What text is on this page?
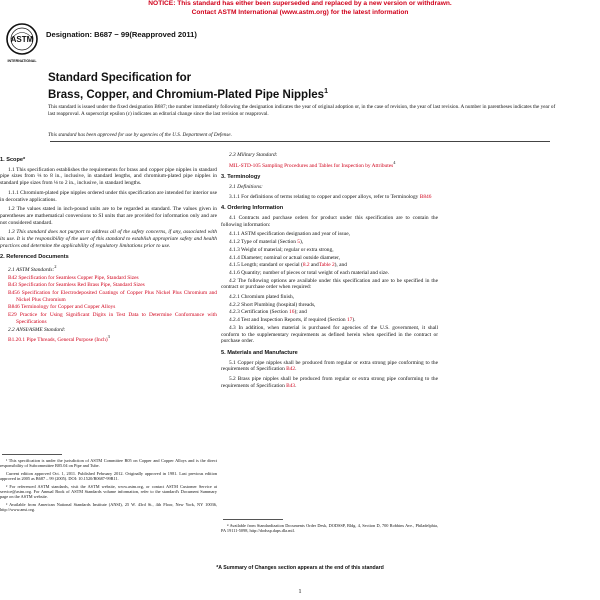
NOTICE: This standard has either been superseded and replaced by a new version or withdrawn.
Contact ASTM International (www.astm.org) for the latest information
ASTM
INTERNATIONAL
Designation: B687 − 99(Reapproved 2011)
Standard Specification for
Brass, Copper, and Chromium-Plated Pipe Nipples$^1$
This standard is issued under the fixed designation B687; the number immediately following the designation indicates the year of original adoption or, in the case of revision, the year of last revision. A number in parentheses indicates the year of last reapproval. A superscript epsilon (ε) indicates an editorial change since the last revision or reapproval.
This standard has been approved for use by agencies of the U.S. Department of Defense.
1. Scope*

1.1 This specification establishes the requirements for brass and copper pipe nipples in standard pipe sizes from ⅛ to 8 in., inclusive, in standard lengths, and chromium-plated pipe nipples in standard pipe sizes from ⅛ to 2 in., inclusive, in standard lengths.

1.1.1 Chromium-plated pipe nipples ordered under this specification are intended for interior use in decorative applications.

1.2 The values stated in inch-pound units are to be regarded as standard. The values given in parentheses are mathematical conversions to SI units that are provided for information only and are not considered standard.

1.3 This standard does not purport to address all of the safety concerns, if any, associated with its use. It is the responsibility of the user of this standard to establish appropriate safety and health practices and determine the applicability of regulatory limitations prior to use.

2. Referenced Documents

2.1 ASTM Standards:$^2$

B42 Specification for Seamless Copper Pipe, Standard Sizes

B43 Specification for Seamless Red Brass Pipe, Standard Sizes

B456 Specification for Electrodeposited Coatings of Copper Plus Nickel Plus Chromium and Nickel Plus Chromium

B846 Terminology for Copper and Copper Alloys

E29 Practice for Using Significant Digits in Test Data to Determine Conformance with Specifications

2.2 ANSI/ASME Standard:

B1.20.1 Pipe Threads, General Purpose (Inch)$^3$

¹ This specification is under the jurisdiction of ASTM Committee B05 on Copper and Copper Alloys and is the direct responsibility of Subcommittee B05.04 on Pipe and Tube.

Current edition approved Oct. 1, 2011. Published February 2012. Originally approved in 1981. Last previous edition approved in 2005 as B687 – 99 (2005). DOI: 10.1520/B0687-99R11.

² For referenced ASTM standards, visit the ASTM website, www.astm.org, or contact ASTM Customer Service at service@astm.org. For Annual Book of ASTM Standards volume information, refer to the standard's Document Summary page on the ASTM website.

³ Available from American National Standards Institute (ANSI), 25 W. 43rd St., 4th Floor, New York, NY 10036, http://www.ansi.org.

2.3 Military Standard:

MIL-STD-105 Sampling Procedures and Tables for Inspection by Attributes$^4$

3. Terminology

3.1 Definitions:

3.1.1 For definitions of terms relating to copper and copper alloys, refer to Terminology B846

4. Ordering Information

4.1 Contracts and purchase orders for product under this specification are to contain the following information:

4.1.1 ASTM specification designation and year of issue,

4.1.2 Type of material (Section 5),

4.1.3 Weight of material; regular or extra strong,

4.1.4 Diameter; nominal or actual outside diameter,

4.1.5 Length; standard or special (8.2 andTable 2), and

4.1.6 Quantity; number of pieces or total weight of each material and size.

4.2 The following options are available under this specification and are to be specified in the contract or purchase order when required:

4.2.1 Chromium plated finish,

4.2.2 Short Plumbing (hospital) threads,

4.2.3 Certification (Section 16); and

4.2.4 Test and Inspection Reports, if required (Section 17).

4.3 In addition, when material is purchased for agencies of the U.S. government, it shall conform to the supplementary requirements as defined herein when specified in the contract or purchase order.

5. Materials and Manufacture

5.1 Copper pipe nipples shall be produced from regular or extra strong pipe conforming to the requirements of Specification B42.

5.2 Brass pipe nipples shall be produced from regular or extra strong pipe conforming to the requirements of Specification B43.

⁴ Available from Standardization Documents Order Desk, DODSSP, Bldg. 4, Section D, 700 Robbins Ave., Philadelphia, PA 19111-5098, http://dodssp.daps.dla.mil.

*A Summary of Changes section appears at the end of this standard
1
